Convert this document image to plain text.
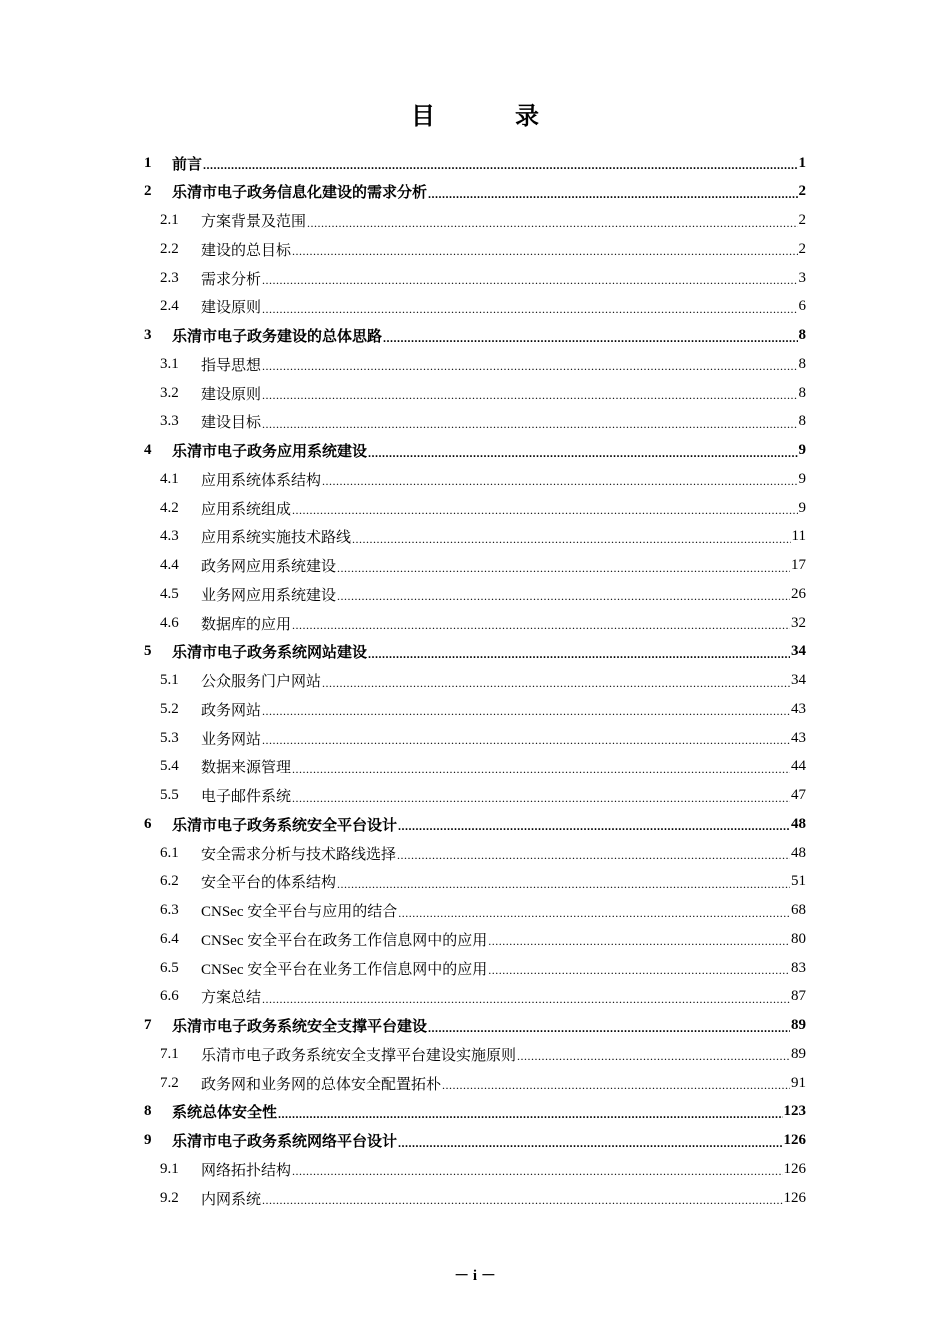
目　录
1	前言 .....	1
2	乐清市电子政务信息化建设的需求分析 .....	2
2.1	方案背景及范围 .....	2
2.2	建设的总目标 .....	2
2.3	需求分析 .....	3
2.4	建设原则 .....	6
3	乐清市电子政务建设的总体思路 .....	8
3.1	指导思想 .....	8
3.2	建设原则 .....	8
3.3	建设目标 .....	8
4	乐清市电子政务应用系统建设 .....	9
4.1	应用系统体系结构 .....	9
4.2	应用系统组成 .....	9
4.3	应用系统实施技术路线 .....	11
4.4	政务网应用系统建设 .....	17
4.5	业务网应用系统建设 .....	26
4.6	数据库的应用 .....	32
5	乐清市电子政务系统网站建设 .....	34
5.1	公众服务门户网站 .....	34
5.2	政务网站 .....	43
5.3	业务网站 .....	43
5.4	数据来源管理 .....	44
5.5	电子邮件系统 .....	47
6	乐清市电子政务系统安全平台设计 .....	48
6.1	安全需求分析与技术路线选择 .....	48
6.2	安全平台的体系结构 .....	51
6.3	CNSec 安全平台与应用的结合 .....	68
6.4	CNSec 安全平台在政务工作信息网中的应用 .....	80
6.5	CNSec 安全平台在业务工作信息网中的应用 .....	83
6.6	方案总结 .....	87
7	乐清市电子政务系统安全支撑平台建设 .....	89
7.1	乐清市电子政务系统安全支撑平台建设实施原则 .....	89
7.2	政务网和业务网的总体安全配置拓朴 .....	91
8	系统总体安全性 .....	123
9	乐清市电子政务系统网络平台设计 .....	126
9.1	网络拓扑结构 .....	126
9.2	内网系统 .....	126
－ i －
